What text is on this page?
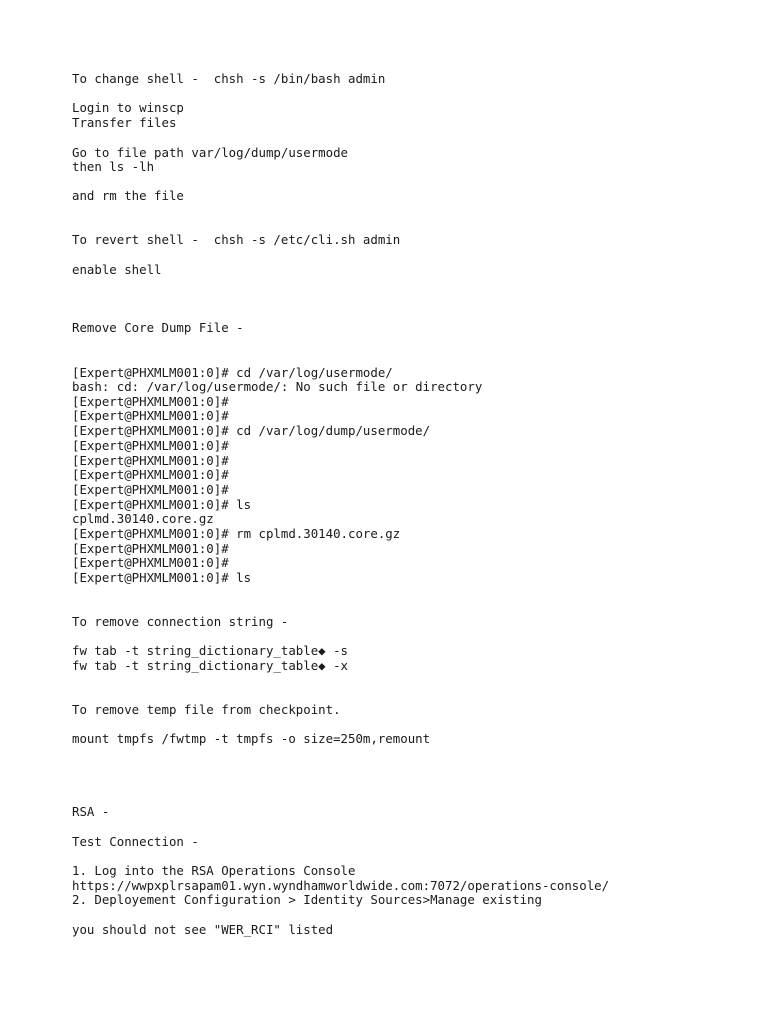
To change shell -  chsh -s /bin/bash admin

Login to winscp

Transfer files

Go to file path var/log/dump/usermode

then ls -lh

and rm the file

To revert shell -  chsh -s /etc/cli.sh admin

enable shell

Remove Core Dump File -

[Expert@PHXMLM001:0]# cd /var/log/usermode/

bash: cd: /var/log/usermode/: No such file or directory

[Expert@PHXMLM001:0]#

[Expert@PHXMLM001:0]#

[Expert@PHXMLM001:0]# cd /var/log/dump/usermode/

[Expert@PHXMLM001:0]#

[Expert@PHXMLM001:0]#

[Expert@PHXMLM001:0]#

[Expert@PHXMLM001:0]#

[Expert@PHXMLM001:0]# ls

cplmd.30140.core.gz

[Expert@PHXMLM001:0]# rm cplmd.30140.core.gz

[Expert@PHXMLM001:0]#

[Expert@PHXMLM001:0]#

[Expert@PHXMLM001:0]# ls

To remove connection string -

fw tab -t string_dictionary_table◆ -s

fw tab -t string_dictionary_table◆ -x

To remove temp file from checkpoint.

mount tmpfs /fwtmp -t tmpfs -o size=250m,remount

RSA -

Test Connection -

1. Log into the RSA Operations Console

https://wwpxplrsapam01.wyn.wyndhamworldwide.com:7072/operations-console/

2. Deployement Configuration > Identity Sources>Manage existing

you should not see "WER_RCI" listed
